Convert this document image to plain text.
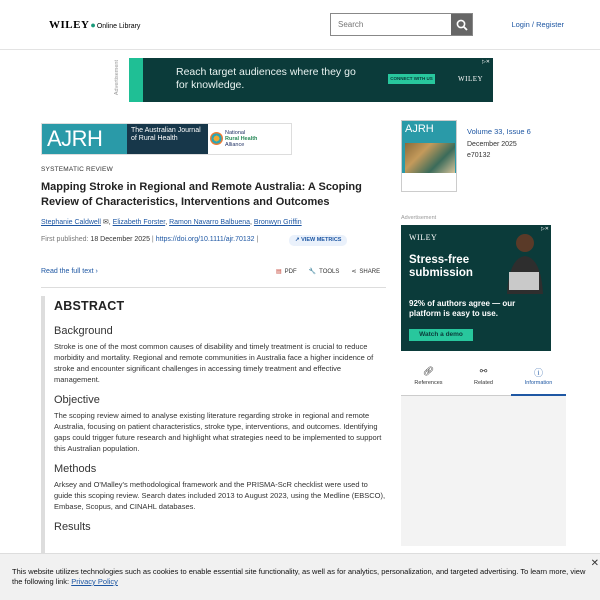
WILEY●Online Library
Search	Login / Register
Advertisement	Reach target audiences where they go for knowledge.
CONNECT WITH US	WILEY
▷✕
AJRH	The Australian Journal of Rural Health
National
Rural Health
Alliance
SYSTEMATIC REVIEW
Mapping Stroke in Regional and Remote Australia: A Scoping Review of Characteristics, Interventions and Outcomes
Stephanie Caldwell ✉, Elizabeth Forster, Ramon Navarro Balbuena, Bronwyn Griffin
First published: 18 December 2025 | https://doi.org/10.1111/ajr.70132 |	↗ VIEW METRICS
Read the full text ›	▤ PDF 🔧 TOOLS ⋖ SHARE
ABSTRACT
Background

Stroke is one of the most common causes of disability and timely treatment is crucial to reduce morbidity and mortality. Regional and remote communities in Australia face a higher incidence of stroke and encounter significant challenges in accessing timely treatment and effective management.

Objective

The scoping review aimed to analyse existing literature regarding stroke in regional and remote Australia, focusing on patient characteristics, stroke type, interventions, and outcomes. Identifying gaps could trigger future research and highlight what strategies need to be implemented to support this Australian population.

Methods

Arksey and O'Malley's methodological framework and the PRISMA-ScR checklist were used to guide this scoping review. Search dates included 2013 to August 2023, using the Medline (EBSCO), Embase, Scopus, and CINAHL databases.

Results
AJRH	Volume 33, Issue 6
December 2025
e70132
Advertisement
WILEY
Stress-free submission
92% of authors agree — our platform is easy to use.
Watch a demo
▷✕
🔗︎
References
⚯
Related
ⓘ
Information
This website utilizes technologies such as cookies to enable essential site functionality, as well as for analytics, personalization, and targeted advertising. To learn more, view the following link: Privacy Policy
✕
